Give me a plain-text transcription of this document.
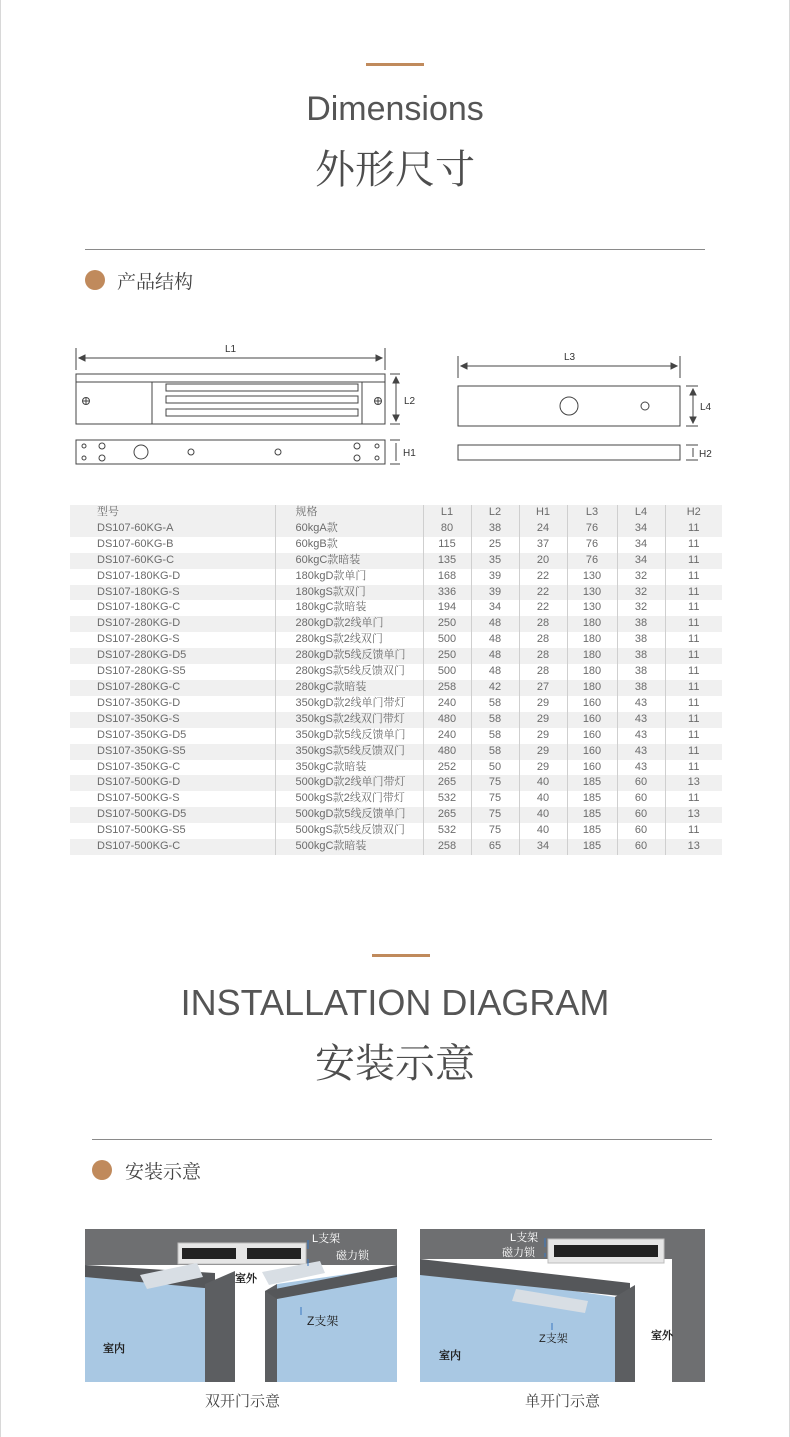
Dimensions
外形尺寸
产品结构
L1
L2
H1
L3
L4
H2
型号	规格	L1	L2	H1	L3	L4	H2
DS107-60KG-A	60kgA款	80	38	24	76	34	11
DS107-60KG-B	60kgB款	115	25	37	76	34	11
DS107-60KG-C	60kgC款暗装	135	35	20	76	34	11
DS107-180KG-D	180kgD款单门	168	39	22	130	32	11
DS107-180KG-S	180kgS款双门	336	39	22	130	32	11
DS107-180KG-C	180kgC款暗装	194	34	22	130	32	11
DS107-280KG-D	280kgD款2线单门	250	48	28	180	38	11
DS107-280KG-S	280kgS款2线双门	500	48	28	180	38	11
DS107-280KG-D5	280kgD款5线反馈单门	250	48	28	180	38	11
DS107-280KG-S5	280kgS款5线反馈双门	500	48	28	180	38	11
DS107-280KG-C	280kgC款暗装	258	42	27	180	38	11
DS107-350KG-D	350kgD款2线单门带灯	240	58	29	160	43	11
DS107-350KG-S	350kgS款2线双门带灯	480	58	29	160	43	11
DS107-350KG-D5	350kgD款5线反馈单门	240	58	29	160	43	11
DS107-350KG-S5	350kgS款5线反馈双门	480	58	29	160	43	11
DS107-350KG-C	350kgC款暗装	252	50	29	160	43	11
DS107-500KG-D	500kgD款2线单门带灯	265	75	40	185	60	13
DS107-500KG-S	500kgS款2线双门带灯	532	75	40	185	60	11
DS107-500KG-D5	500kgD款5线反馈单门	265	75	40	185	60	13
DS107-500KG-S5	500kgS款5线反馈双门	532	75	40	185	60	11
DS107-500KG-C	500kgC款暗装	258	65	34	185	60	13
INSTALLATION DIAGRAM
安装示意
安装示意
L支架
磁力锁
室外
室内
Z支架
双开门示意
L支架
磁力锁
Z支架
室内
室外
单开门示意
